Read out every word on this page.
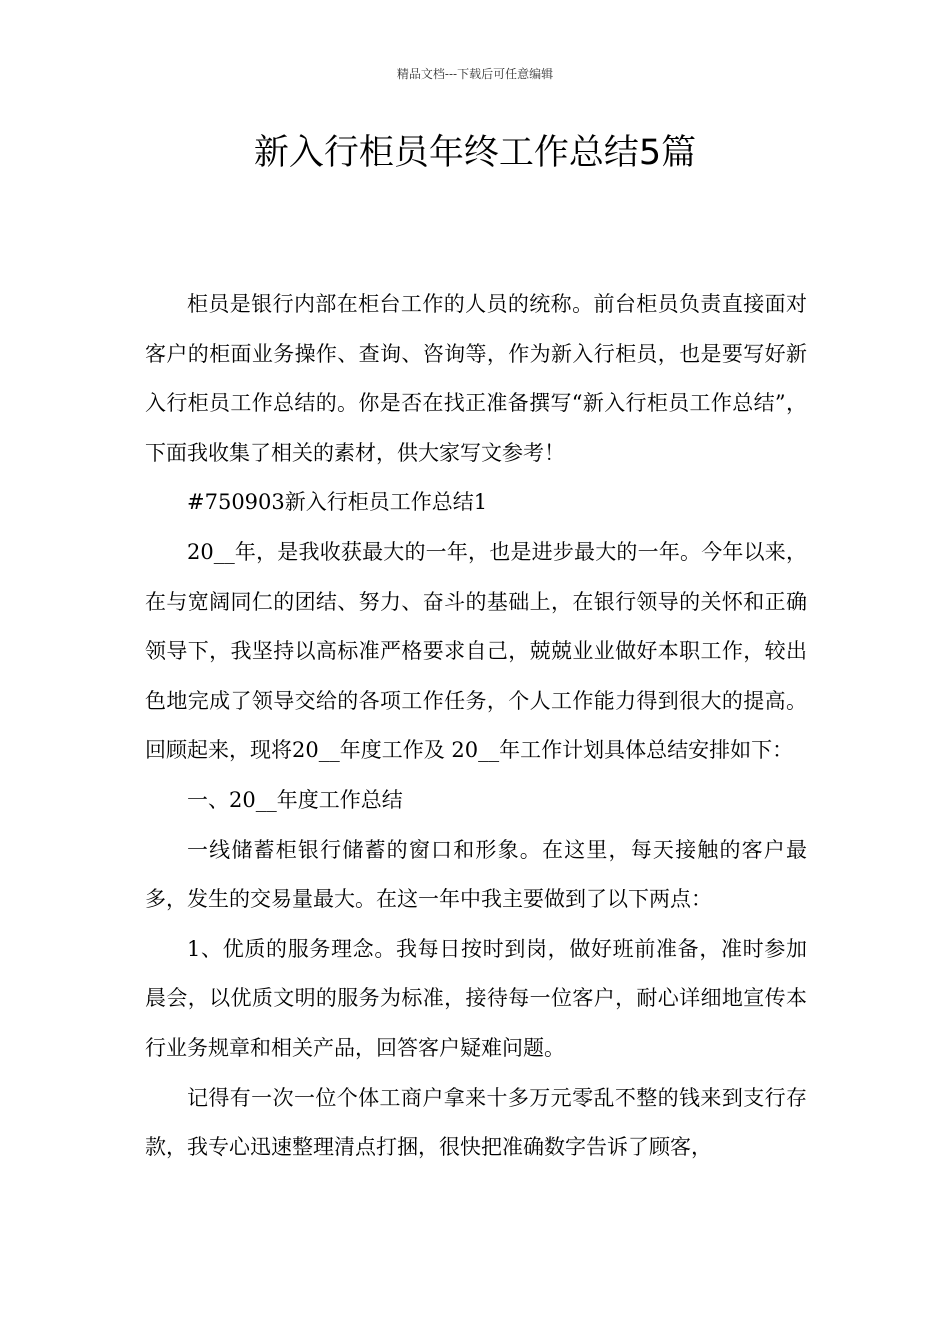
精品文档---下载后可任意编辑
新入行柜员年终工作总结5篇

柜员是银行内部在柜台工作的人员的统称。前台柜员负责直接面对客户的柜面业务操作、查询、咨询等，作为新入行柜员，也是要写好新入行柜员工作总结的。你是否在找正准备撰写“新入行柜员工作总结”，下面我收集了相关的素材，供大家写文参考！

#750903新入行柜员工作总结1

20__年，是我收获最大的一年，也是进步最大的一年。今年以来，在与宽阔同仁的团结、努力、奋斗的基础上，在银行领导的关怀和正确领导下，我坚持以高标准严格要求自己，兢兢业业做好本职工作，较出色地完成了领导交给的各项工作任务，个人工作能力得到很大的提高。回顾起来，现将20__年度工作及 20__年工作计划具体总结安排如下：

一、20__年度工作总结

一线储蓄柜银行储蓄的窗口和形象。在这里，每天接触的客户最多，发生的交易量最大。在这一年中我主要做到了以下两点：

1、优质的服务理念。我每日按时到岗，做好班前准备，准时参加晨会，以优质文明的服务为标准，接待每一位客户，耐心详细地宣传本行业务规章和相关产品，回答客户疑难问题。

记得有一次一位个体工商户拿来十多万元零乱不整的钱来到支行存款，我专心迅速整理清点打捆，很快把准确数字告诉了顾客，
